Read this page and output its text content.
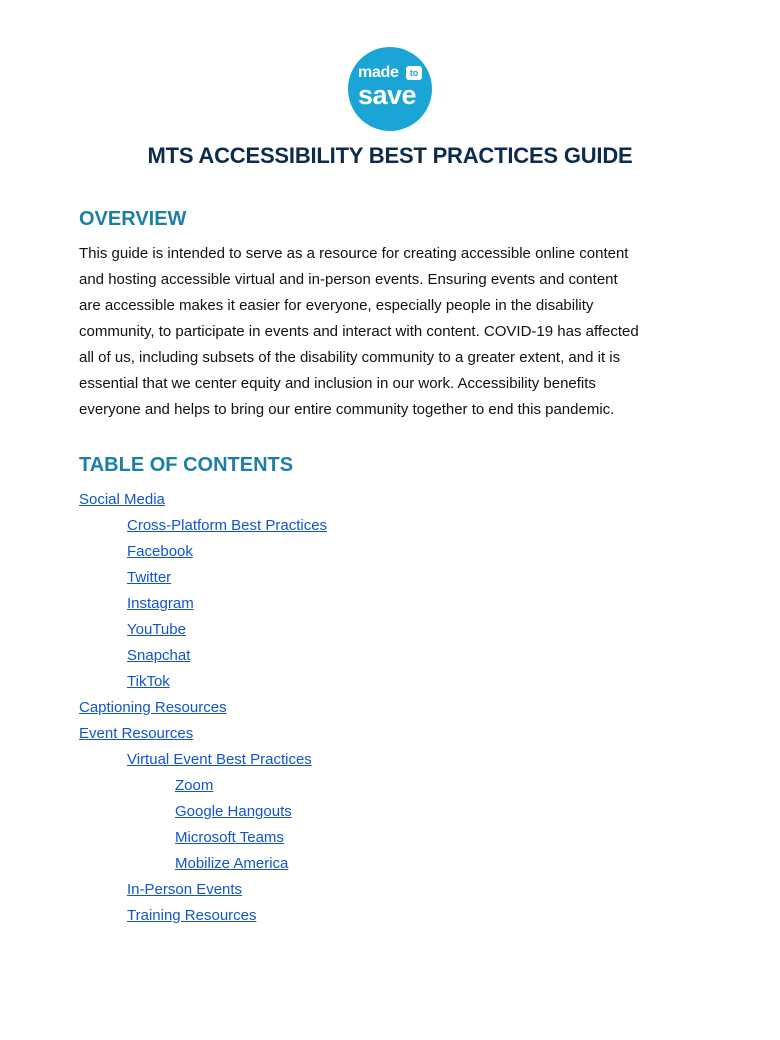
made	to
save
MTS ACCESSIBILITY BEST PRACTICES GUIDE
OVERVIEW
This guide is intended to serve as a resource for creating accessible online content
and hosting accessible virtual and in-person events. Ensuring events and content
are accessible makes it easier for everyone, especially people in the disability
community, to participate in events and interact with content. COVID-19 has affected
all of us, including subsets of the disability community to a greater extent, and it is
essential that we center equity and inclusion in our work. Accessibility benefits
everyone and helps to bring our entire community together to end this pandemic.
TABLE OF CONTENTS
Social Media
Cross-Platform Best Practices
Facebook
Twitter
Instagram
YouTube
Snapchat
TikTok
Captioning Resources
Event Resources
Virtual Event Best Practices
Zoom
Google Hangouts
Microsoft Teams
Mobilize America
In-Person Events
Training Resources
